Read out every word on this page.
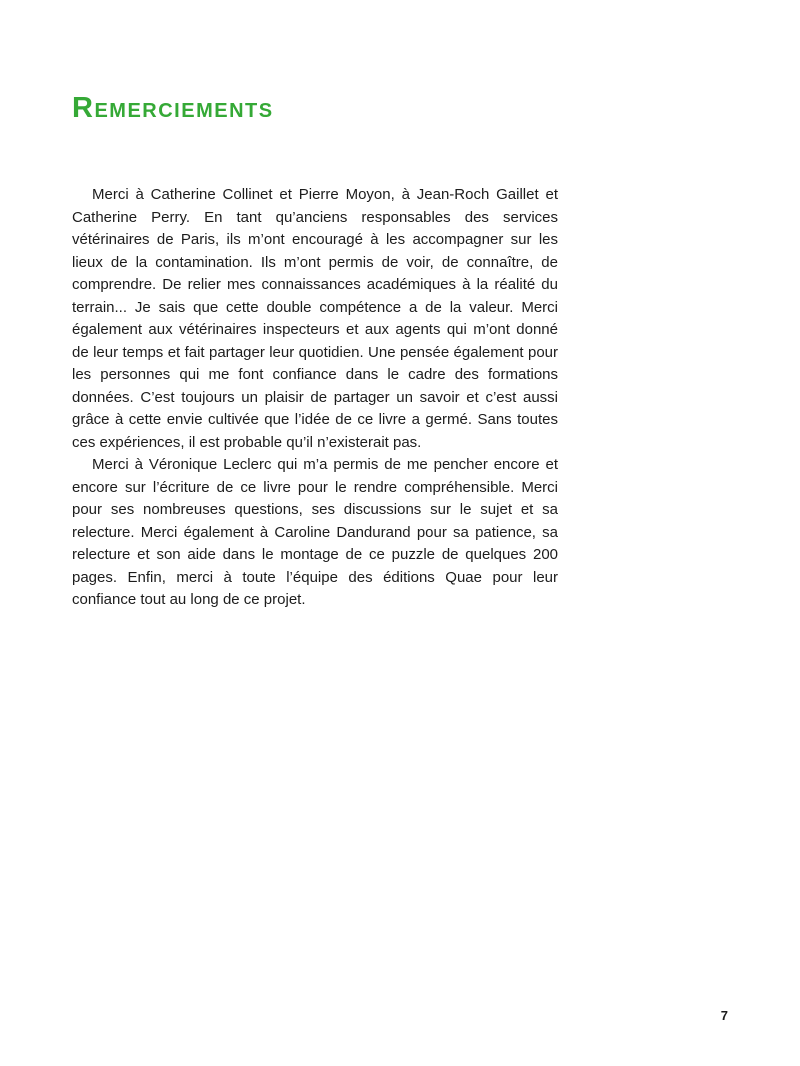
Remerciements

Merci à Catherine Collinet et Pierre Moyon, à Jean-Roch Gaillet et Catherine Perry. En tant qu’anciens responsables des services vétérinaires de Paris, ils m’ont encouragé à les accompagner sur les lieux de la contamination. Ils m’ont permis de voir, de connaître, de comprendre. De relier mes connaissances académiques à la réalité du terrain... Je sais que cette double compétence a de la valeur. Merci également aux vétérinaires inspecteurs et aux agents qui m’ont donné de leur temps et fait partager leur quotidien. Une pensée également pour les personnes qui me font confiance dans le cadre des formations données. C’est toujours un plaisir de partager un savoir et c’est aussi grâce à cette envie cultivée que l’idée de ce livre a germé. Sans toutes ces expériences, il est probable qu’il n’existerait pas.

Merci à Véronique Leclerc qui m’a permis de me pencher encore et encore sur l’écriture de ce livre pour le rendre compréhensible. Merci pour ses nombreuses questions, ses discussions sur le sujet et sa relecture. Merci également à Caroline Dandurand pour sa patience, sa relecture et son aide dans le montage de ce puzzle de quelques 200 pages. Enfin, merci à toute l’équipe des éditions Quae pour leur confiance tout au long de ce projet.

7
